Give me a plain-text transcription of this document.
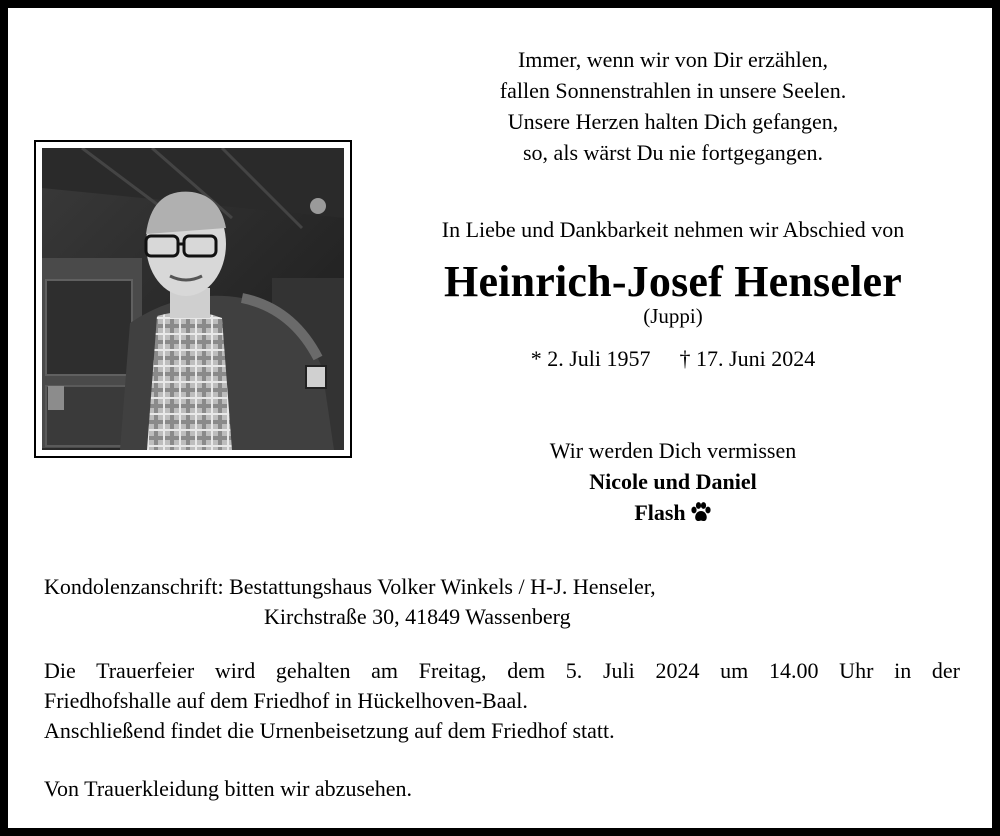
Immer, wenn wir von Dir erzählen,
fallen Sonnenstrahlen in unsere Seelen.
Unsere Herzen halten Dich gefangen,
so, als wärst Du nie fortgegangen.
In Liebe und Dankbarkeit nehmen wir Abschied von
Heinrich-Josef Henseler
(Juppi)
* 2. Juli 1957 † 17. Juni 2024
Wir werden Dich vermissen
Nicole und Daniel
Flash
Kondolenzanschrift: Bestattungshaus Volker Winkels / H-J. Henseler,
Kirchstraße 30, 41849 Wassenberg
Die Trauerfeier wird gehalten am Freitag, dem 5. Juli 2024 um 14.00 Uhr in der
Friedhofshalle auf dem Friedhof in Hückelhoven-Baal.
Anschließend findet die Urnenbeisetzung auf dem Friedhof statt.
Von Trauerkleidung bitten wir abzusehen.
